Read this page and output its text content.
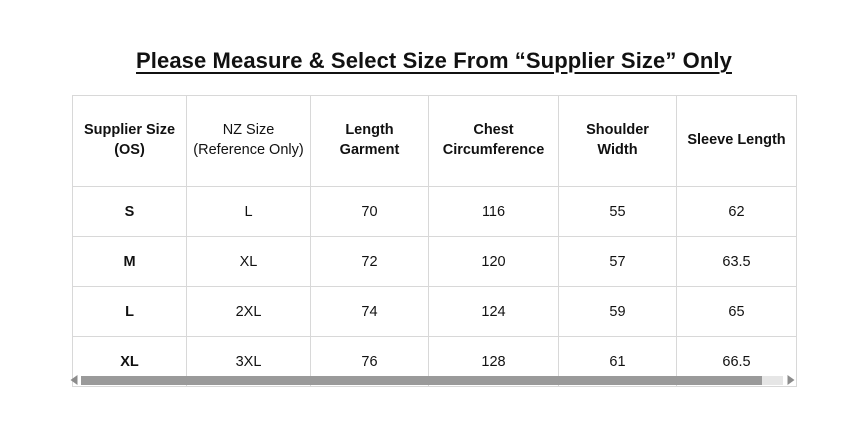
Please Measure & Select Size From “Supplier Size” Only
Supplier Size (OS)	NZ Size (Reference Only)	Length Garment	Chest Circumference	Shoulder Width	Sleeve Length
S	L	70	116	55	62
M	XL	72	120	57	63.5
L	2XL	74	124	59	65
XL	3XL	76	128	61	66.5
